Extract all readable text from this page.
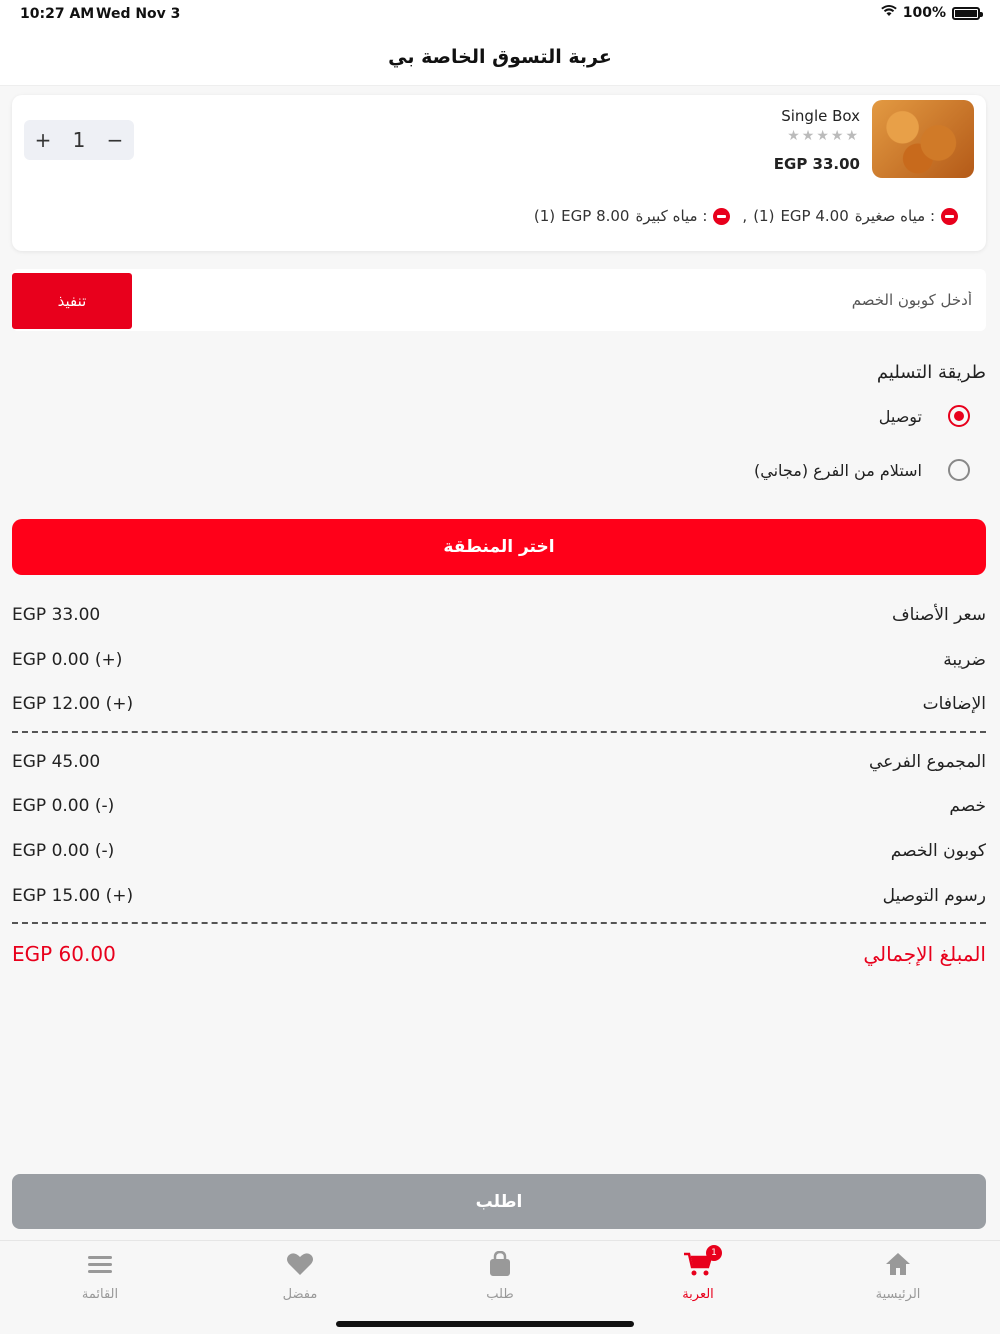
10:27 AM Wed Nov 3	100%
عربة التسوق الخاصة بي
Single Box
★★★★★
EGP 33.00
+ 1 −
مياه صغيرة :
EGP 4.00
(1)
,
مياه كبيرة :
EGP 8.00
(1)
أدخل كوبون الخصم
تنفيذ
طريقة التسليم
توصيل
استلام من الفرع (مجاني)
اختر المنطقة
سعر الأصناف
EGP 33.00
ضريبة
EGP 0.00 (+)
الإضافات
EGP 12.00 (+)
المجموع الفرعي
EGP 45.00
خصم
EGP 0.00 (-)
كوبون الخصم
EGP 0.00 (-)
رسوم التوصيل
EGP 15.00 (+)
المبلغ الإجمالي
EGP 60.00
اطلب
القائمة	مفضل	طلب
1
العربة	الرئيسية
